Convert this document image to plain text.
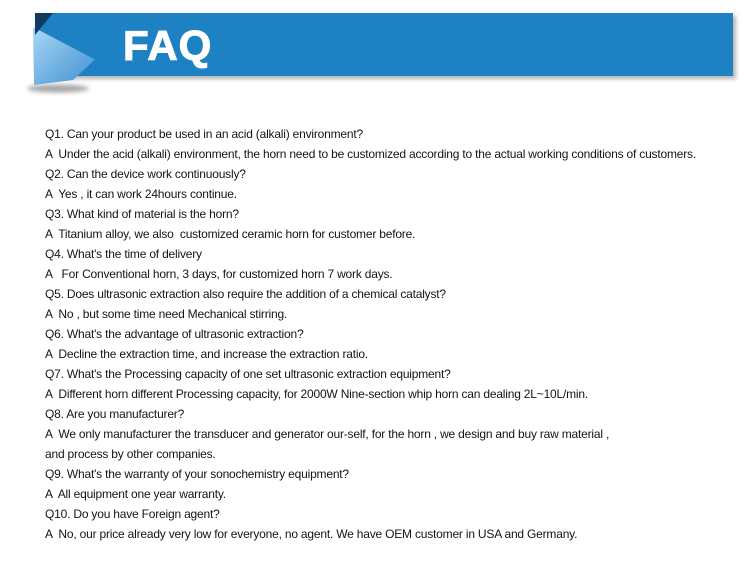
FAQ
Q1. Can your product be used in an acid (alkali) environment?
A  Under the acid (alkali) environment, the horn need to be customized according to the actual working conditions of customers.
Q2. Can the device work continuously?
A  Yes , it can work 24hours continue.
Q3. What kind of material is the horn?
A  Titanium alloy, we also  customized ceramic horn for customer before.
Q4. What's the time of delivery
A   For Conventional horn, 3 days, for customized horn 7 work days.
Q5. Does ultrasonic extraction also require the addition of a chemical catalyst?
A  No , but some time need Mechanical stirring.
Q6. What's the advantage of ultrasonic extraction?
A  Decline the extraction time, and increase the extraction ratio.
Q7. What's the Processing capacity of one set ultrasonic extraction equipment?
A  Different horn different Processing capacity, for 2000W Nine-section whip horn can dealing 2L~10L/min.
Q8. Are you manufacturer?
A  We only manufacturer the transducer and generator our-self, for the horn , we design and buy raw material ,
and process by other companies.
Q9. What's the warranty of your sonochemistry equipment?
A  All equipment one year warranty.
Q10. Do you have Foreign agent?
A  No, our price already very low for everyone, no agent. We have OEM customer in USA and Germany.
